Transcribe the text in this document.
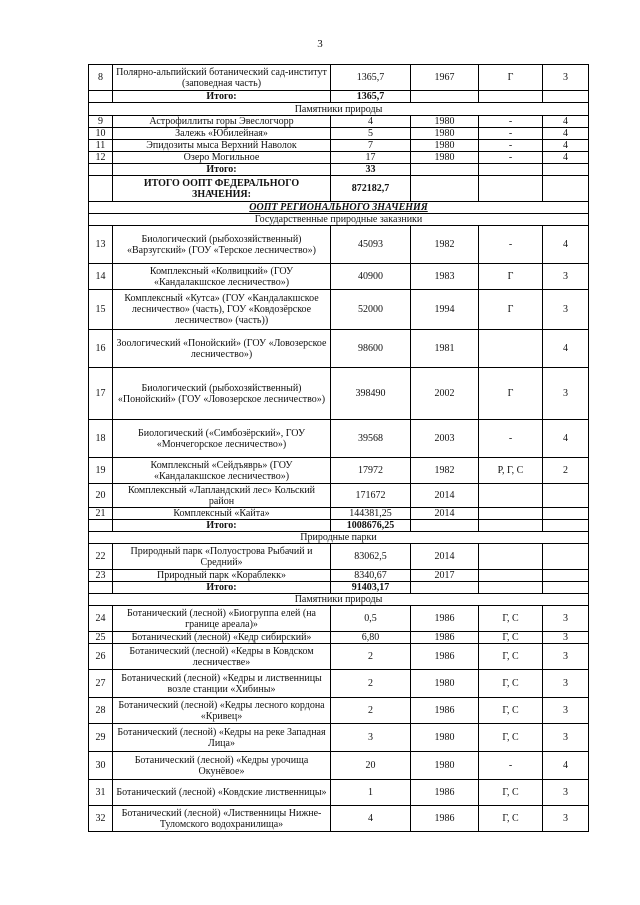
3
8	Полярно-альпийский ботанический сад-институт (заповедная часть)	1365,7	1967	Г	3
	Итого:	1365,7			
Памятники природы					
9	Астрофиллиты горы Эвеслогчорр	4	1980	-	4
10	Залежь «Юбилейная»	5	1980	-	4
11	Эпидозиты мыса Верхний Наволок	7	1980	-	4
12	Озеро Могильное	17	1980	-	4
	Итого:	33			
	ИТОГО ООПТ ФЕДЕРАЛЬНОГО ЗНАЧЕНИЯ:	872182,7			
ООПТ РЕГИОНАЛЬНОГО ЗНАЧЕНИЯ					
Государственные природные заказники					
13	Биологический (рыбохозяйственный) «Варзугский» (ГОУ «Терское лесничество»)	45093	1982	-	4
14	Комплексный «Колвицкий» (ГОУ «Кандалакшское лесничество»)	40900	1983	Г	3
15	Комплексный «Кутса» (ГОУ «Кандалакшское лесничество» (часть), ГОУ «Ковдозёрское лесничество» (часть))	52000	1994	Г	3
16	Зоологический «Понойский» (ГОУ «Ловозерское лесничество»)	98600	1981		4
17	Биологический (рыбохозяйственный) «Понойский» (ГОУ «Ловозерское лесничество»)	398490	2002	Г	3
18	Биологический («Симбозёрский», ГОУ «Мончегорское лесничество»)	39568	2003	-	4
19	Комплексный «Сейдъяврь» (ГОУ «Кандалакшское лесничество»)	17972	1982	Р, Г, С	2
20	Комплексный «Лапландский лес» Кольский район	171672	2014		
21	Комплексный «Кайта»	144381,25	2014		
	Итого:	1008676,25			
Природные парки					
22	Природный парк «Полуострова Рыбачий и Средний»	83062,5	2014		
23	Природный парк «Кораблекк»	8340,67	2017		
	Итого:	91403,17			
Памятники природы					
24	Ботанический (лесной) «Биогруппа елей (на границе ареала)»	0,5	1986	Г, С	3
25	Ботанический (лесной) «Кедр сибирский»	6,80	1986	Г, С	3
26	Ботанический (лесной) «Кедры в Ковдском лесничестве»	2	1986	Г, С	3
27	Ботанический (лесной) «Кедры и лиственницы возле станции «Хибины»	2	1980	Г, С	3
28	Ботанический (лесной) «Кедры лесного кордона «Кривец»	2	1986	Г, С	3
29	Ботанический (лесной) «Кедры на реке Западная Лица»	3	1980	Г, С	3
30	Ботанический (лесной) «Кедры урочища Окунёвое»	20	1980	-	4
31	Ботанический (лесной) «Ковдские лиственницы»	1	1986	Г, С	3
32	Ботанический (лесной) «Лиственницы Нижне-Туломского водохранилища»	4	1986	Г, С	3
